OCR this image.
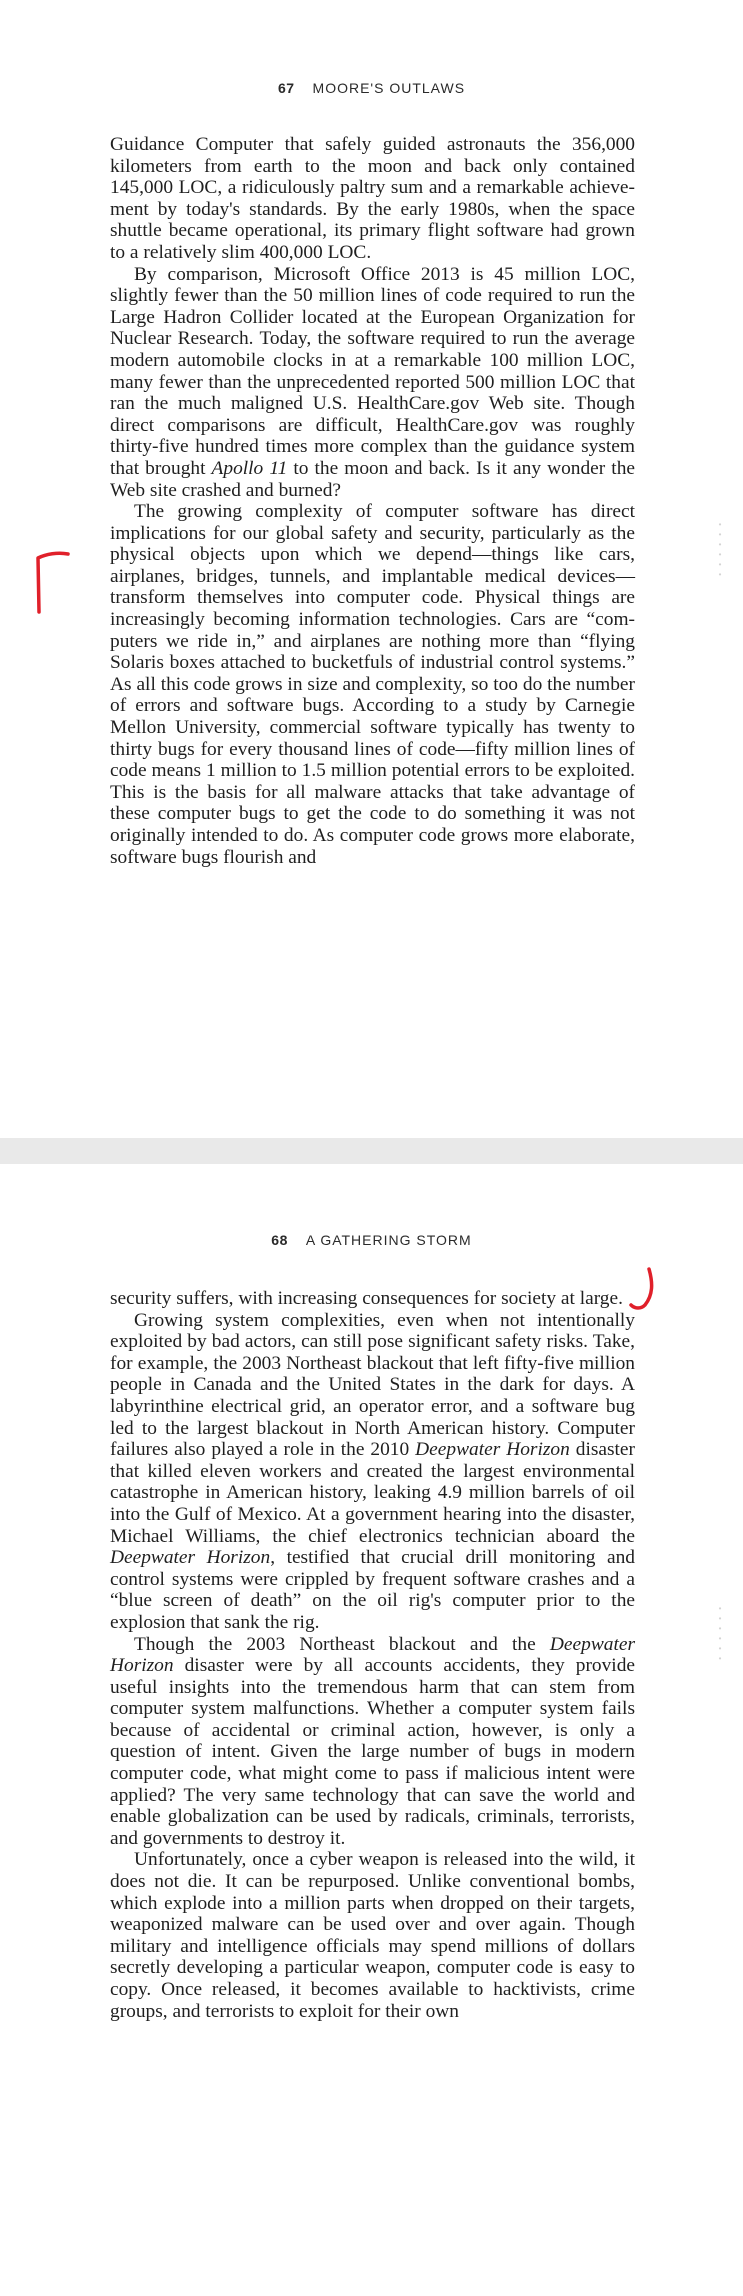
67 MOORE'S OUTLAWS

Guidance Computer that safely guided astronauts the 356,000 kilometers from earth to the moon and back only contained 145,000 LOC, a ridiculously paltry sum and a remarkable achievement by today's standards. By the early 1980s, when the space shuttle became operational, its primary flight software had grown to a relatively slim 400,000 LOC.

By comparison, Microsoft Office 2013 is 45 million LOC, slightly fewer than the 50 million lines of code required to run the Large Hadron Collider located at the European Organization for Nuclear Research. Today, the software required to run the average modern automobile clocks in at a remarkable 100 million LOC, many fewer than the unprecedented reported 500 million LOC that ran the much maligned U.S. HealthCare.gov Web site. Though direct comparisons are difficult, HealthCare.gov was roughly thirty-five hundred times more complex than the guidance system that brought Apollo 11 to the moon and back. Is it any wonder the Web site crashed and burned?

The growing complexity of computer software has direct implications for our global safety and security, particularly as the physical objects upon which we depend—things like cars, airplanes, bridges, tunnels, and implantable medical devices—transform themselves into computer code. Physical things are increasingly becoming information technologies. Cars are “computers we ride in,” and airplanes are nothing more than “flying Solaris boxes attached to bucketfuls of industrial control systems.” As all this code grows in size and complexity, so too do the number of errors and software bugs. According to a study by Carnegie Mellon University, commercial software typically has twenty to thirty bugs for every thousand lines of code—fifty million lines of code means 1 million to 1.5 million potential errors to be exploited. This is the basis for all malware attacks that take advantage of these computer bugs to get the code to do something it was not originally intended to do. As computer code grows more elaborate, software bugs flourish and

•
•
•
•
•
•
68 A GATHERING STORM

security suffers, with increasing consequences for society at large.

Growing system complexities, even when not intentionally exploited by bad actors, can still pose significant safety risks. Take, for example, the 2003 Northeast blackout that left fifty-five million people in Canada and the United States in the dark for days. A labyrinthine electrical grid, an operator error, and a software bug led to the largest blackout in North American history. Computer failures also played a role in the 2010 Deepwater Horizon disaster that killed eleven workers and created the largest environmental catastrophe in American history, leaking 4.9 million barrels of oil into the Gulf of Mexico. At a government hearing into the disaster, Michael Williams, the chief electronics technician aboard the Deepwater Horizon, testified that crucial drill monitoring and control systems were crippled by frequent software crashes and a “blue screen of death” on the oil rig's computer prior to the explosion that sank the rig.

Though the 2003 Northeast blackout and the Deepwater Horizon disaster were by all accounts accidents, they provide useful insights into the tremendous harm that can stem from computer system malfunctions. Whether a computer system fails because of accidental or criminal action, however, is only a question of intent. Given the large number of bugs in modern computer code, what might come to pass if malicious intent were applied? The very same technology that can save the world and enable globalization can be used by radicals, criminals, terrorists, and governments to destroy it.

Unfortunately, once a cyber weapon is released into the wild, it does not die. It can be repurposed. Unlike conventional bombs, which explode into a million parts when dropped on their targets, weaponized malware can be used over and over again. Though military and intelligence officials may spend millions of dollars secretly developing a particular weapon, computer code is easy to copy. Once released, it becomes available to hacktivists, crime groups, and terrorists to exploit for their own

•
•
•
•
•
•
